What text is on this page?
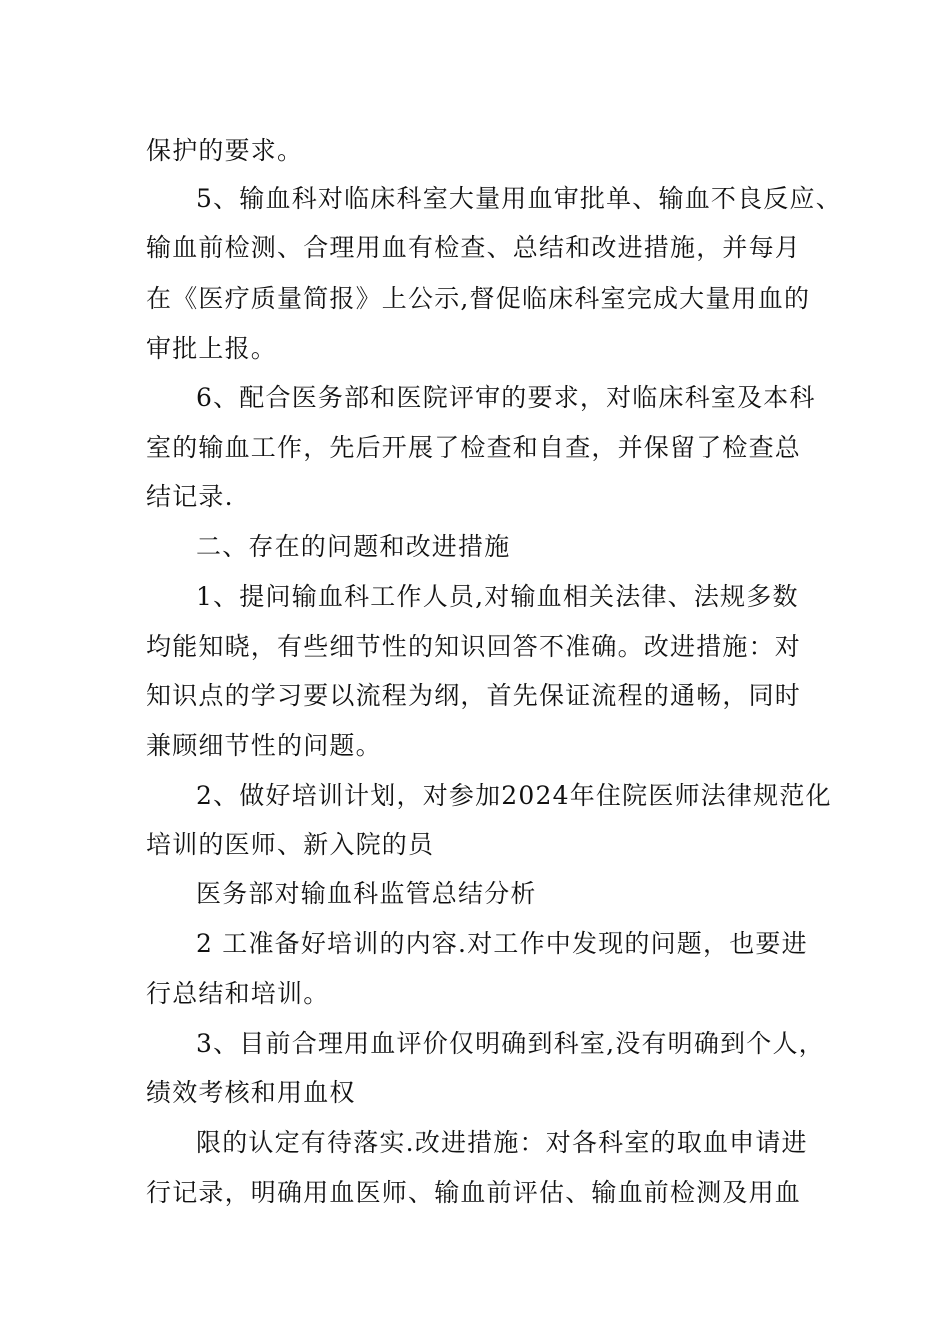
保护的要求。

5、输血科对临床科室大量用血审批单、输血不良反应、

输血前检测、合理用血有检查、总结和改进措施，并每月

在《医疗质量简报》上公示,督促临床科室完成大量用血的

审批上报。

6、配合医务部和医院评审的要求，对临床科室及本科

室的输血工作，先后开展了检查和自查，并保留了检查总

结记录.

二、存在的问题和改进措施

1、提问输血科工作人员,对输血相关法律、法规多数

均能知晓，有些细节性的知识回答不准确。改进措施：对

知识点的学习要以流程为纲，首先保证流程的通畅，同时

兼顾细节性的问题。

2、做好培训计划，对参加2024年住院医师法律规范化

培训的医师、新入院的员

医务部对输血科监管总结分析

2 工准备好培训的内容.对工作中发现的问题，也要进

行总结和培训。

3、目前合理用血评价仅明确到科室,没有明确到个人，

绩效考核和用血权

限的认定有待落实.改进措施：对各科室的取血申请进

行记录，明确用血医师、输血前评估、输血前检测及用血
